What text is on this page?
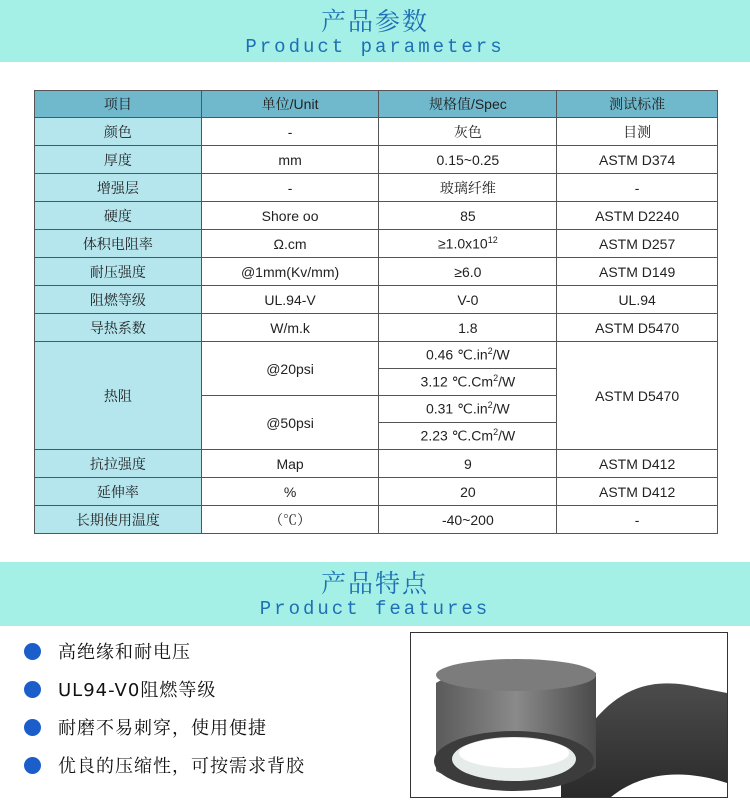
产品参数
Product parameters
项目	单位/Unit	规格值/Spec	测试标准
颜色	-	灰色	目测
厚度	mm	0.15~0.25	ASTM D374
增强层	-	玻璃纤维	-
硬度	Shore oo	85	ASTM D2240
体积电阻率	Ω.cm	$\ge 1.0x10^{12}$	ASTM D257
耐压强度	@1mm(Kv/mm)	≥6.0	ASTM D149
阻燃等级	UL.94-V	V-0	UL.94
导热系数	W/m.k	1.8	ASTM D5470
热阻	@20psi	0.46 $℃.in^2/W$	ASTM D5470
		3.12 ℃.Cm$^2$/W	
	@50psi	0.31 $℃.in^2/W$	
		2.23 ℃.Cm$^2$/W	
抗拉强度	Map	9	ASTM D412
延伸率	%	20	ASTM D412
长期使用温度	（℃）	-40~200	-
产品特点
Product features
高绝缘和耐电压
UL94-V0阻燃等级
耐磨不易刺穿，使用便捷
优良的压缩性，可按需求背胶
